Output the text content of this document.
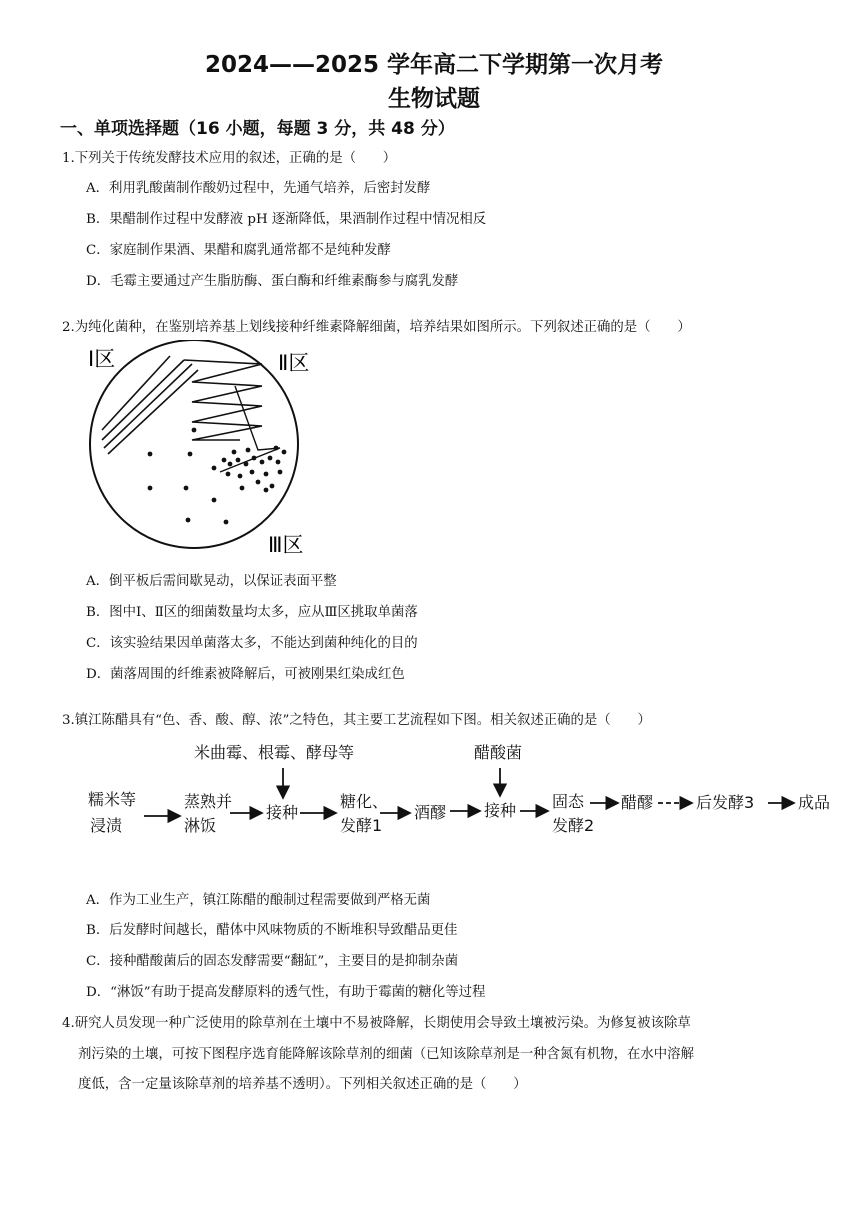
2024——2025 学年高二下学期第一次月考
生物试题
一、单项选择题（16 小题，每题 3 分，共 48 分）
1.下列关于传统发酵技术应用的叙述，正确的是（　　）
A．利用乳酸菌制作酸奶过程中，先通气培养，后密封发酵
B．果醋制作过程中发酵液 pH 逐渐降低，果酒制作过程中情况相反
C．家庭制作果酒、果醋和腐乳通常都不是纯种发酵
D．毛霉主要通过产生脂肪酶、蛋白酶和纤维素酶参与腐乳发酵
2.为纯化菌种，在鉴别培养基上划线接种纤维素降解细菌，培养结果如图所示。下列叙述正确的是（　　）
Ⅰ区	Ⅱ区
Ⅲ区
A．倒平板后需间歇晃动，以保证表面平整
B．图中Ⅰ、Ⅱ区的细菌数量均太多，应从Ⅲ区挑取单菌落
C．该实验结果因单菌落太多，不能达到菌种纯化的目的
D．菌落周围的纤维素被降解后，可被刚果红染成红色
3.镇江陈醋具有“色、香、酸、醇、浓”之特色，其主要工艺流程如下图。相关叙述正确的是（　　）
米曲霉、根霉、酵母等	醋酸菌
糯米等
浸渍
蒸熟并
淋饭
接种
糖化、
发酵1
酒醪 接种 固态
发酵2
醋醪	后发酵3	成品
A．作为工业生产，镇江陈醋的酿制过程需要做到严格无菌
B．后发酵时间越长，醋体中风味物质的不断堆积导致醋品更佳
C．接种醋酸菌后的固态发酵需要“翻缸”，主要目的是抑制杂菌
D．“淋饭”有助于提高发酵原料的透气性，有助于霉菌的糖化等过程
4.研究人员发现一种广泛使用的除草剂在土壤中不易被降解，长期使用会导致土壤被污染。为修复被该除草
剂污染的土壤，可按下图程序选育能降解该除草剂的细菌（已知该除草剂是一种含氮有机物，在水中溶解
度低，含一定量该除草剂的培养基不透明）。下列相关叙述正确的是（　　）
